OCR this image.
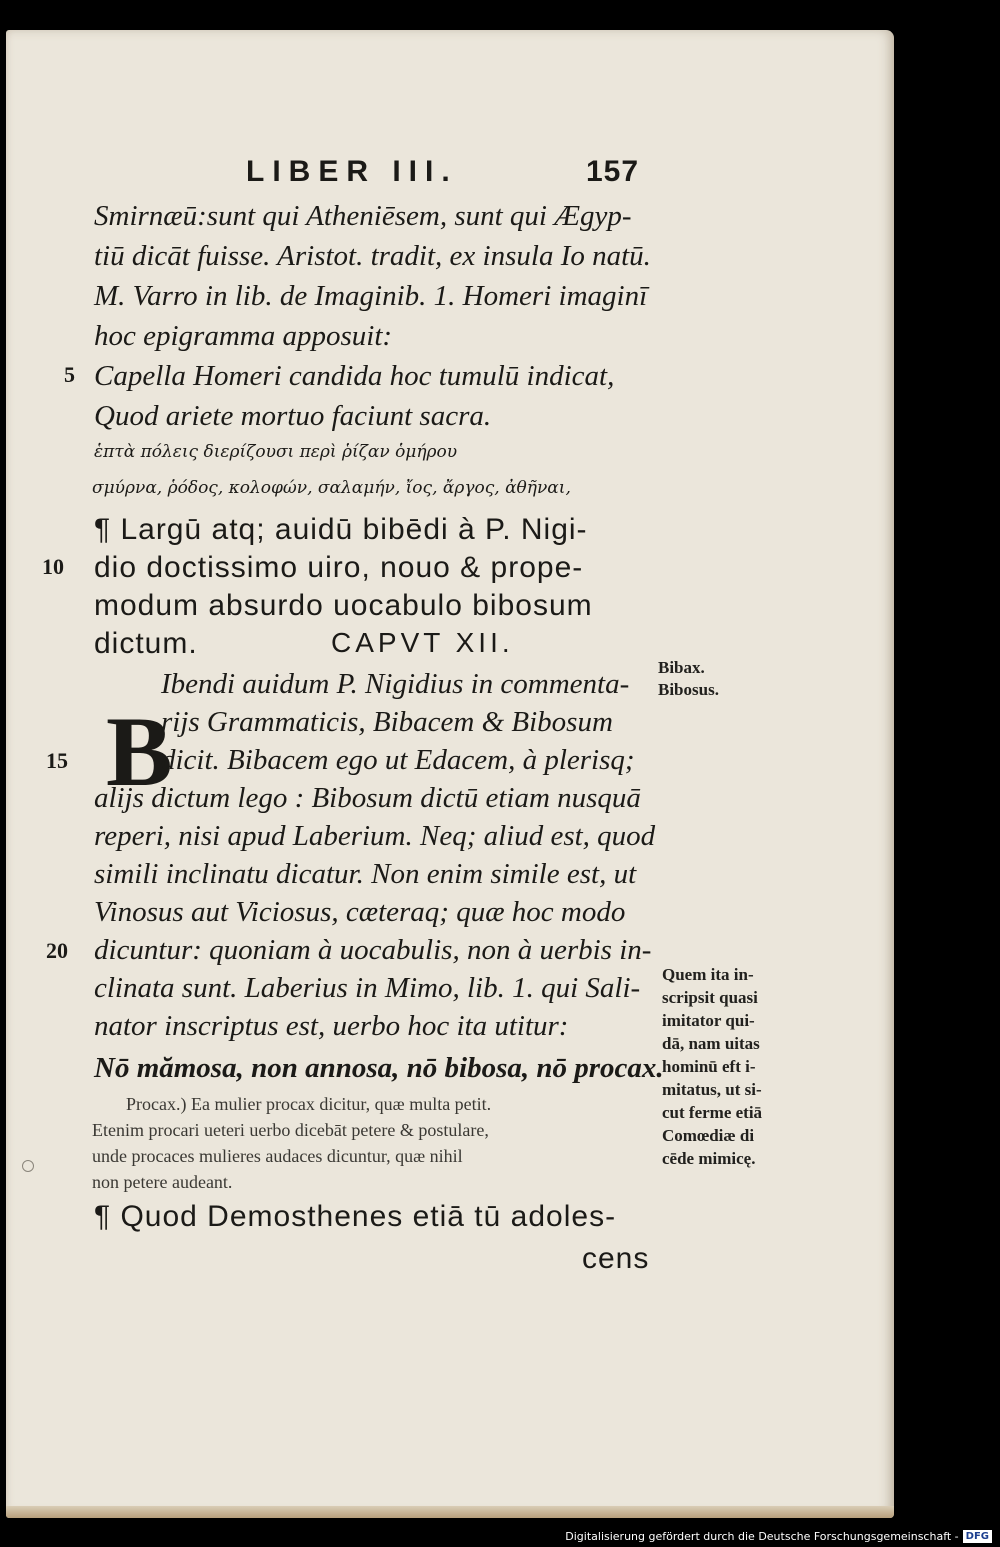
LIBER III.	157
Smirnæū:sunt qui Atheniēsem, sunt qui Ægyp-
tiū dicāt fuisse. Aristot. tradit, ex insula Io natū.
M. Varro in lib. de Imaginib. 1. Homeri imaginī
hoc epigramma apposuit:
Capella Homeri candida hoc tumulū indicat,
Quod ariete mortuo faciunt sacra.
ἑπτὰ πόλεις διερίζουσι περὶ ῥίζαν ὁμήρου
σμύρνα, ῥόδος, κολοφών, σαλαμήν, ἴος, ἄργος, ἀθῆναι,
¶ Largū atq; auidū bibēdi à P. Nigi-
dio doctissimo uiro, nouo & prope-
modum absurdo uocabulo bibosum
dictum.	CAPVT XII.
B
Ibendi auidum P. Nigidius in commenta-
rijs Grammaticis, Bibacem & Bibosum
dicit. Bibacem ego ut Edacem, à plerisq;
alijs dictum lego : Bibosum dictū etiam nusquā
reperi, nisi apud Laberium. Neq; aliud est, quod
simili inclinatu dicatur. Non enim simile est, ut
Vinosus aut Viciosus, cæteraq; quæ hoc modo
dicuntur: quoniam à uocabulis, non à uerbis in-
clinata sunt. Laberius in Mimo, lib. 1. qui Sali-
nator inscriptus est, uerbo hoc ita utitur:
Nō mămosa, non annosa, nō bibosa, nō procax.
Procax.) Ea mulier procax dicitur, quæ multa petit.
Etenim procari ueteri uerbo dicebāt petere & postulare,
unde procaces mulieres audaces dicuntur, quæ nihil
non petere audeant.
¶ Quod Demosthenes etiā tū adoles-
cens
Bibax.
Bibosus.
Quem ita in-
scripsit quasi
imitator qui-
dā, nam uitas
hominū eft i-
mitatus, ut si-
cut ferme etiā
Comœdiæ di
cēde mimicę.
5
10
15
20
Digitalisierung gefördert durch die Deutsche Forschungsgemeinschaft - DFG
